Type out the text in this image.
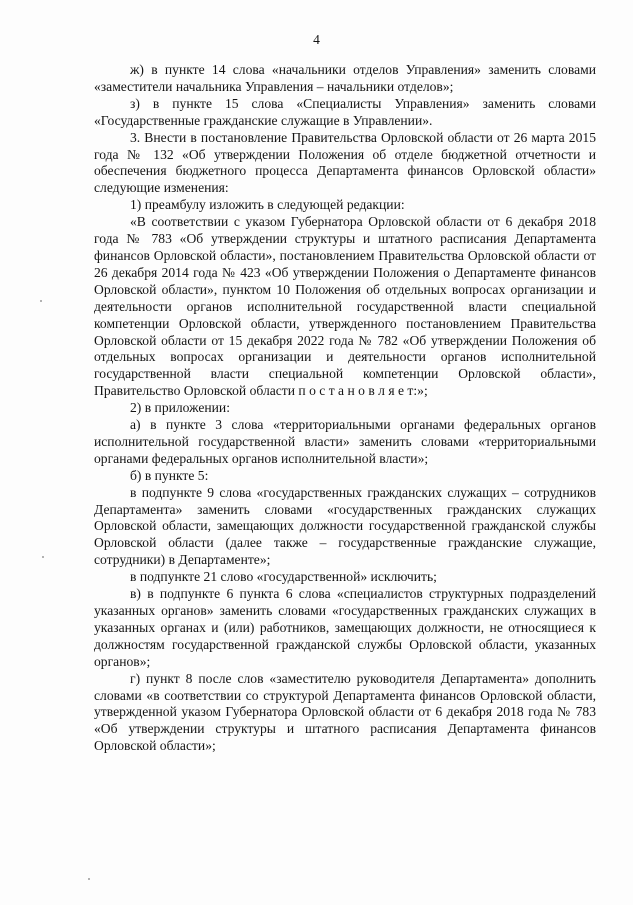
4

ж) в пункте 14 слова «начальники отделов Управления» заменить словами «заместители начальника Управления – начальники отделов»;

з) в пункте 15 слова «Специалисты Управления» заменить словами «Государственные гражданские служащие в Управлении».

3. Внести в постановление Правительства Орловской области от 26 марта 2015 года № 132 «Об утверждении Положения об отделе бюджетной отчетности и обеспечения бюджетного процесса Департамента финансов Орловской области» следующие изменения:

1) преамбулу изложить в следующей редакции:

«В соответствии с указом Губернатора Орловской области от 6 декабря 2018 года № 783 «Об утверждении структуры и штатного расписания Департамента финансов Орловской области», постановлением Правительства Орловской области от 26 декабря 2014 года № 423 «Об утверждении Положения о Департаменте финансов Орловской области», пунктом 10 Положения об отдельных вопросах организации и деятельности органов исполнительной государственной власти специальной компетенции Орловской области, утвержденного постановлением Правительства Орловской области от 15 декабря 2022 года № 782 «Об утверждении Положения об отдельных вопросах организации и деятельности органов исполнительной государственной власти специальной компетенции Орловской области», Правительство Орловской области п о с т а н о в л я е т:»;

2) в приложении:

а) в пункте 3 слова «территориальными органами федеральных органов исполнительной государственной власти» заменить словами «территориальными органами федеральных органов исполнительной власти»;

б) в пункте 5:

в подпункте 9 слова «государственных гражданских служащих – сотрудников Департамента» заменить словами «государственных гражданских служащих Орловской области, замещающих должности государственной гражданской службы Орловской области (далее также – государственные гражданские служащие, сотрудники) в Департаменте»;

в подпункте 21 слово «государственной» исключить;

в) в подпункте 6 пункта 6 слова «специалистов структурных подразделений указанных органов» заменить словами «государственных гражданских служащих в указанных органах и (или) работников, замещающих должности, не относящиеся к должностям государственной гражданской службы Орловской области, указанных органов»;

г) пункт 8 после слов «заместителю руководителя Департамента» дополнить словами «в соответствии со структурой Департамента финансов Орловской области, утвержденной указом Губернатора Орловской области от 6 декабря 2018 года № 783 «Об утверждении структуры и штатного расписания Департамента финансов Орловской области»;
